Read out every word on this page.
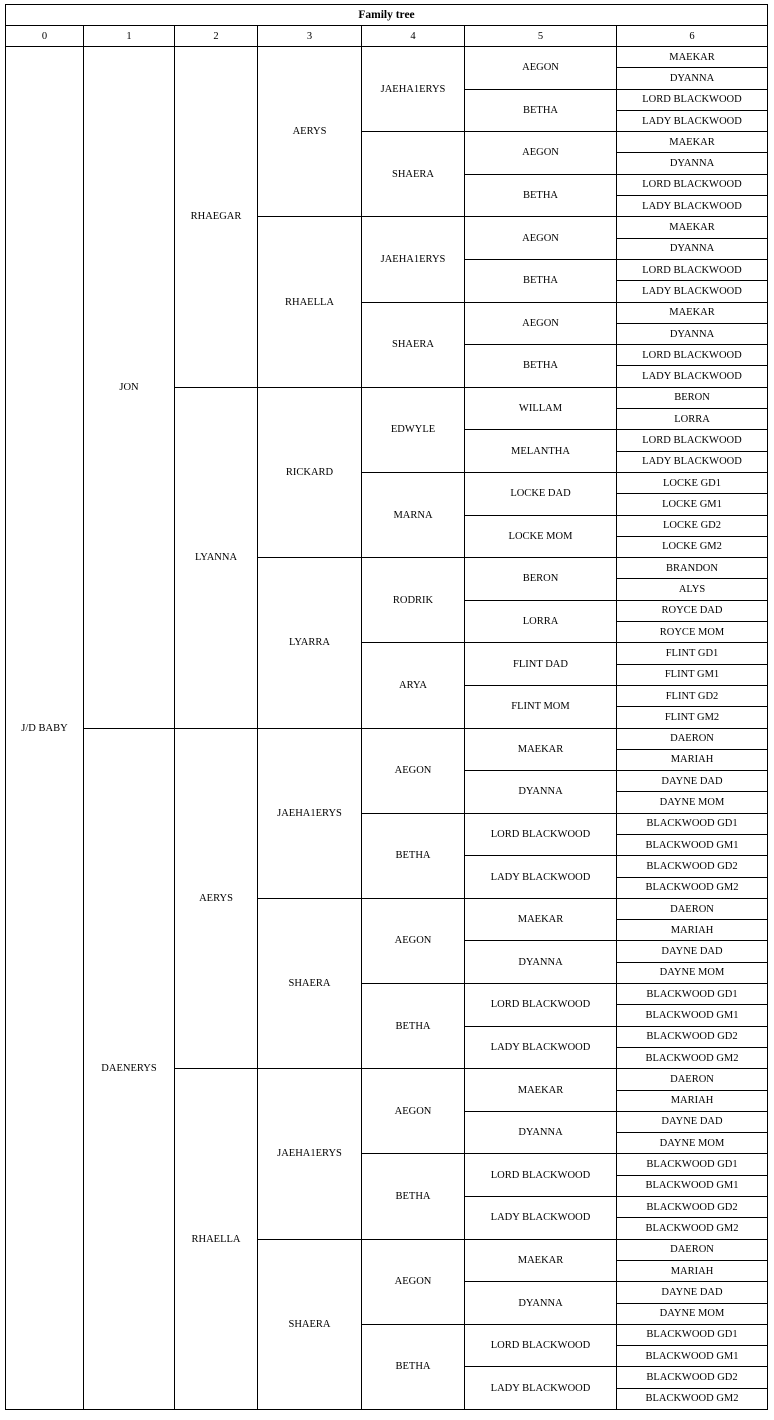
Family tree						
0	1	2	3	4	5	6
J/D BABY	JON	RHAEGAR	AERYS	JAEHA1ERYS	AEGON	MAEKAR
						DYANNA
					BETHA	LORD BLACKWOOD
						LADY BLACKWOOD
				SHAERA	AEGON	MAEKAR
						DYANNA
					BETHA	LORD BLACKWOOD
						LADY BLACKWOOD
			RHAELLA	JAEHA1ERYS	AEGON	MAEKAR
						DYANNA
					BETHA	LORD BLACKWOOD
						LADY BLACKWOOD
				SHAERA	AEGON	MAEKAR
						DYANNA
					BETHA	LORD BLACKWOOD
						LADY BLACKWOOD
		LYANNA	RICKARD	EDWYLE	WILLAM	BERON
						LORRA
					MELANTHA	LORD BLACKWOOD
						LADY BLACKWOOD
				MARNA	LOCKE DAD	LOCKE GD1
						LOCKE GM1
					LOCKE MOM	LOCKE GD2
						LOCKE GM2
			LYARRA	RODRIK	BERON	BRANDON
						ALYS
					LORRA	ROYCE DAD
						ROYCE MOM
				ARYA	FLINT DAD	FLINT GD1
						FLINT GM1
					FLINT MOM	FLINT GD2
						FLINT GM2
	DAENERYS	AERYS	JAEHA1ERYS	AEGON	MAEKAR	DAERON
						MARIAH
					DYANNA	DAYNE DAD
						DAYNE MOM
				BETHA	LORD BLACKWOOD	BLACKWOOD GD1
						BLACKWOOD GM1
					LADY BLACKWOOD	BLACKWOOD GD2
						BLACKWOOD GM2
			SHAERA	AEGON	MAEKAR	DAERON
						MARIAH
					DYANNA	DAYNE DAD
						DAYNE MOM
				BETHA	LORD BLACKWOOD	BLACKWOOD GD1
						BLACKWOOD GM1
					LADY BLACKWOOD	BLACKWOOD GD2
						BLACKWOOD GM2
		RHAELLA	JAEHA1ERYS	AEGON	MAEKAR	DAERON
						MARIAH
					DYANNA	DAYNE DAD
						DAYNE MOM
				BETHA	LORD BLACKWOOD	BLACKWOOD GD1
						BLACKWOOD GM1
					LADY BLACKWOOD	BLACKWOOD GD2
						BLACKWOOD GM2
			SHAERA	AEGON	MAEKAR	DAERON
						MARIAH
					DYANNA	DAYNE DAD
						DAYNE MOM
				BETHA	LORD BLACKWOOD	BLACKWOOD GD1
						BLACKWOOD GM1
					LADY BLACKWOOD	BLACKWOOD GD2
						BLACKWOOD GM2
